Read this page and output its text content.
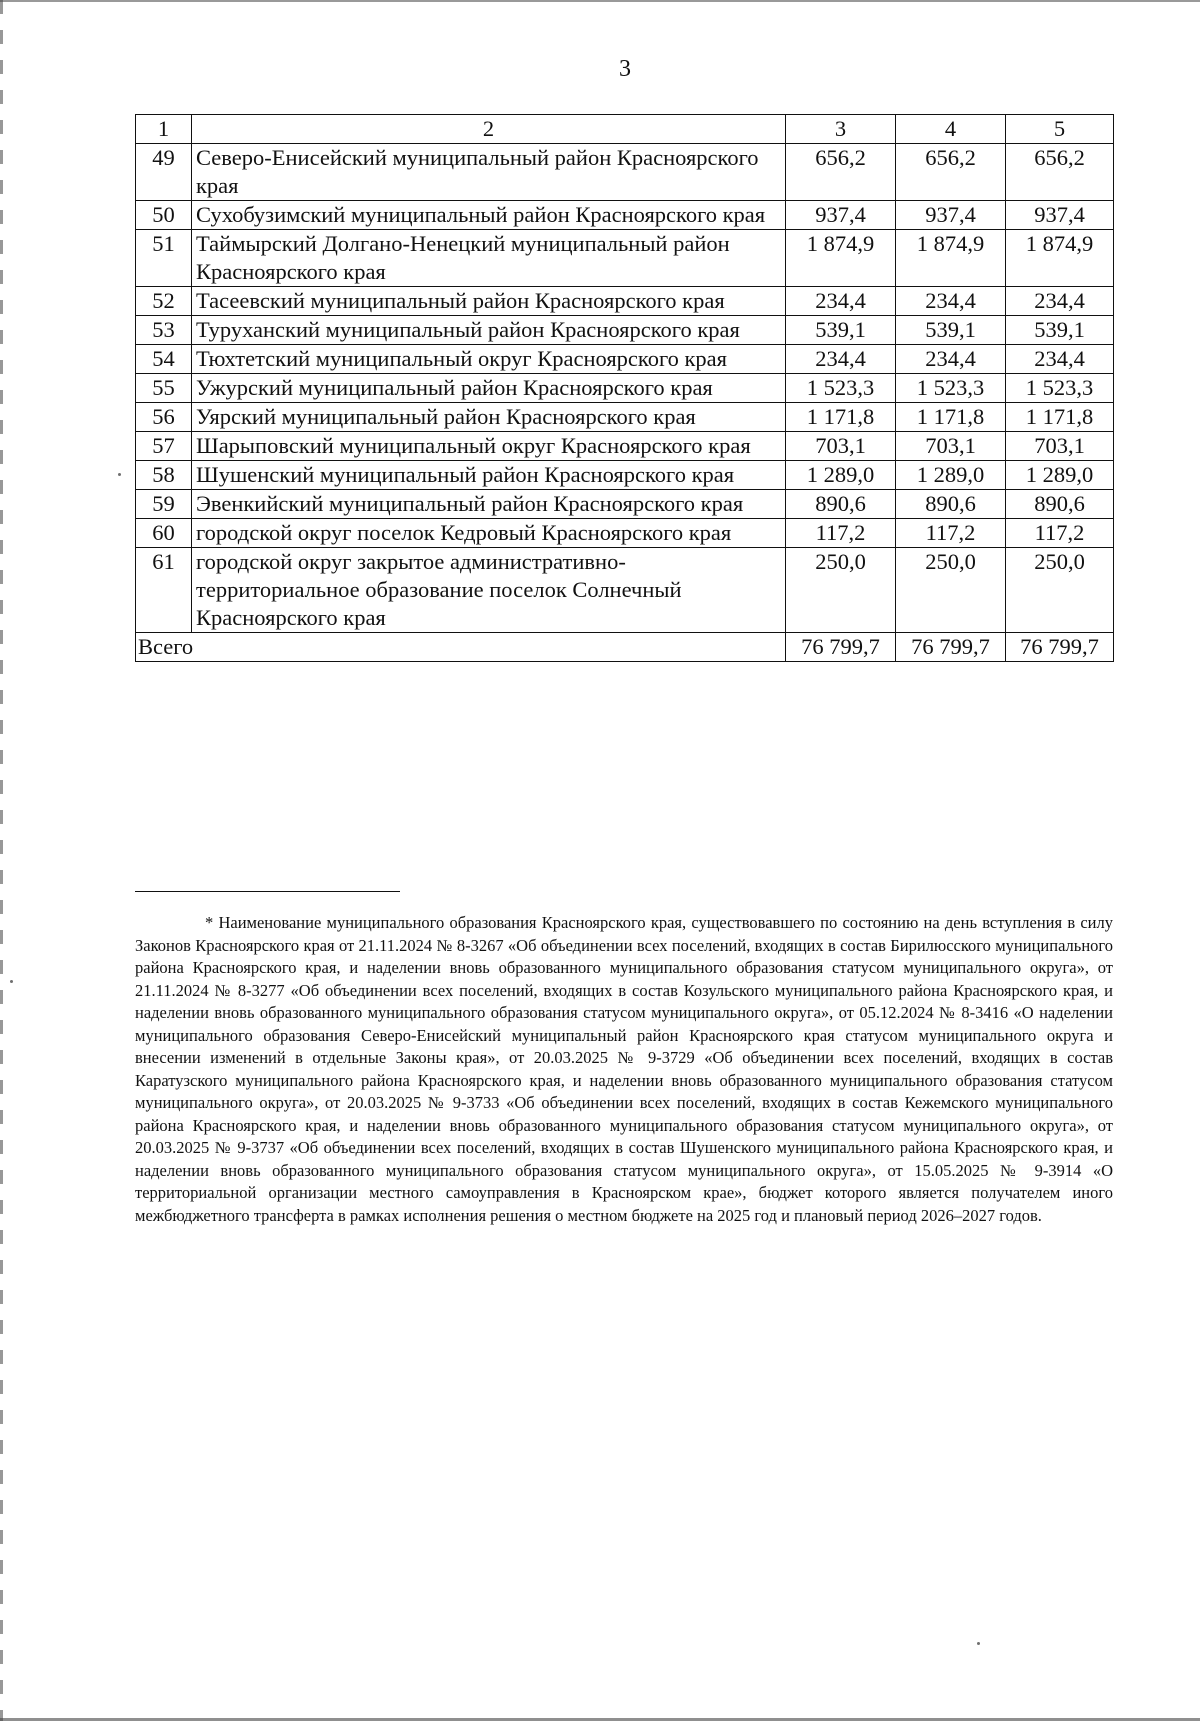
3
1	2	3	4	5
49	Северо-Енисейский муниципальный район Красноярского края	656,2	656,2	656,2
50	Сухобузимский муниципальный район Красноярского края	937,4	937,4	937,4
51	Таймырский Долгано-Ненецкий муниципальный район Красноярского края	1 874,9	1 874,9	1 874,9
52	Тасеевский муниципальный район Красноярского края	234,4	234,4	234,4
53	Туруханский муниципальный район Красноярского края	539,1	539,1	539,1
54	Тюхтетский муниципальный округ Красноярского края	234,4	234,4	234,4
55	Ужурский муниципальный район Красноярского края	1 523,3	1 523,3	1 523,3
56	Уярский муниципальный район Красноярского края	1 171,8	1 171,8	1 171,8
57	Шарыповский муниципальный округ Красноярского края	703,1	703,1	703,1
58	Шушенский муниципальный район Красноярского края	1 289,0	1 289,0	1 289,0
59	Эвенкийский муниципальный район Красноярского края	890,6	890,6	890,6
60	городской округ поселок Кедровый Красноярского края	117,2	117,2	117,2
61	городской округ закрытое административно-территориальное образование поселок Солнечный Красноярского края	250,0	250,0	250,0
Всего		76 799,7	76 799,7	76 799,7

* Наименование муниципального образования Красноярского края, существовавшего по состоянию на день вступления в силу Законов Красноярского края от 21.11.2024 № 8-3267 «Об объединении всех поселений, входящих в состав Бирилюсского муниципального района Красноярского края, и наделении вновь образованного муниципального образования статусом муниципального округа», от 21.11.2024 № 8-3277 «Об объединении всех поселений, входящих в состав Козульского муниципального района Красноярского края, и наделении вновь образованного муниципального образования статусом муниципального округа», от 05.12.2024 № 8-3416 «О наделении муниципального образования Северо-Енисейский муниципальный район Красноярского края статусом муниципального округа и внесении изменений в отдельные Законы края», от 20.03.2025 № 9-3729 «Об объединении всех поселений, входящих в состав Каратузского муниципального района Красноярского края, и наделении вновь образованного муниципального образования статусом муниципального округа», от 20.03.2025 № 9-3733 «Об объединении всех поселений, входящих в состав Кежемского муниципального района Красноярского края, и наделении вновь образованного муниципального образования статусом муниципального округа», от 20.03.2025 № 9-3737 «Об объединении всех поселений, входящих в состав Шушенского муниципального района Красноярского края, и наделении вновь образованного муниципального образования статусом муниципального округа», от 15.05.2025 № 9-3914 «О территориальной организации местного самоуправления в Красноярском крае», бюджет которого является получателем иного межбюджетного трансферта в рамках исполнения решения о местном бюджете на 2025 год и плановый период 2026–2027 годов.
